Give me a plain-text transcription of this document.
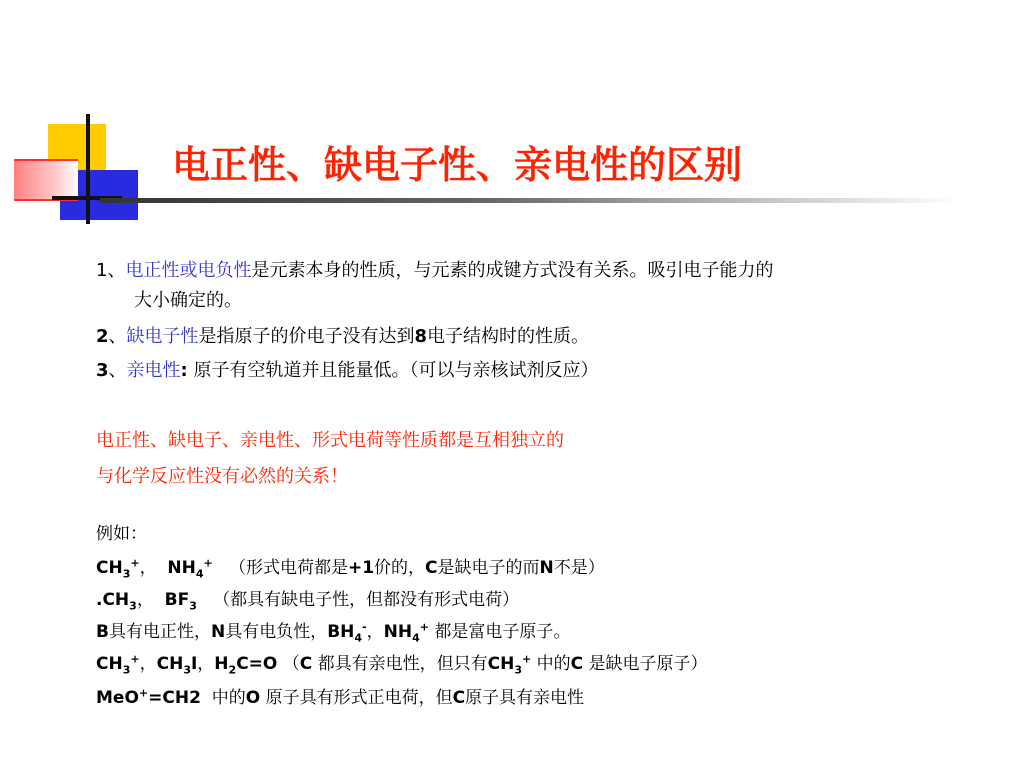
电正性、缺电子性、亲电性的区别

1、电正性或电负性是元素本身的性质，与元素的成键方式没有关系。吸引电子能力的

大小确定的。

2、缺电子性是指原子的价电子没有达到8电子结构时的性质。

3、亲电性: 原子有空轨道并且能量低。（可以与亲核试剂反应）

电正性、缺电子、亲电性、形式电荷等性质都是互相独立的

与化学反应性没有必然的关系！

例如：

$CH_3^+$，  $NH_4^+$   （形式电荷都是+1价的，C是缺电子的而N不是）

$.CH_3$，  $BF_3$   （都具有缺电子性，但都没有形式电荷）

B具有电正性，N具有电负性，$BH_4^-$，$NH_4^+$ 都是富电子原子。

$CH_3^+$，$CH_3I$，$H_2C=O$ （C 都具有亲电性，但只有$CH_3^+$ 中的C 是缺电子原子）

MeO+=CH2  中的O 原子具有形式正电荷，但C原子具有亲电性
